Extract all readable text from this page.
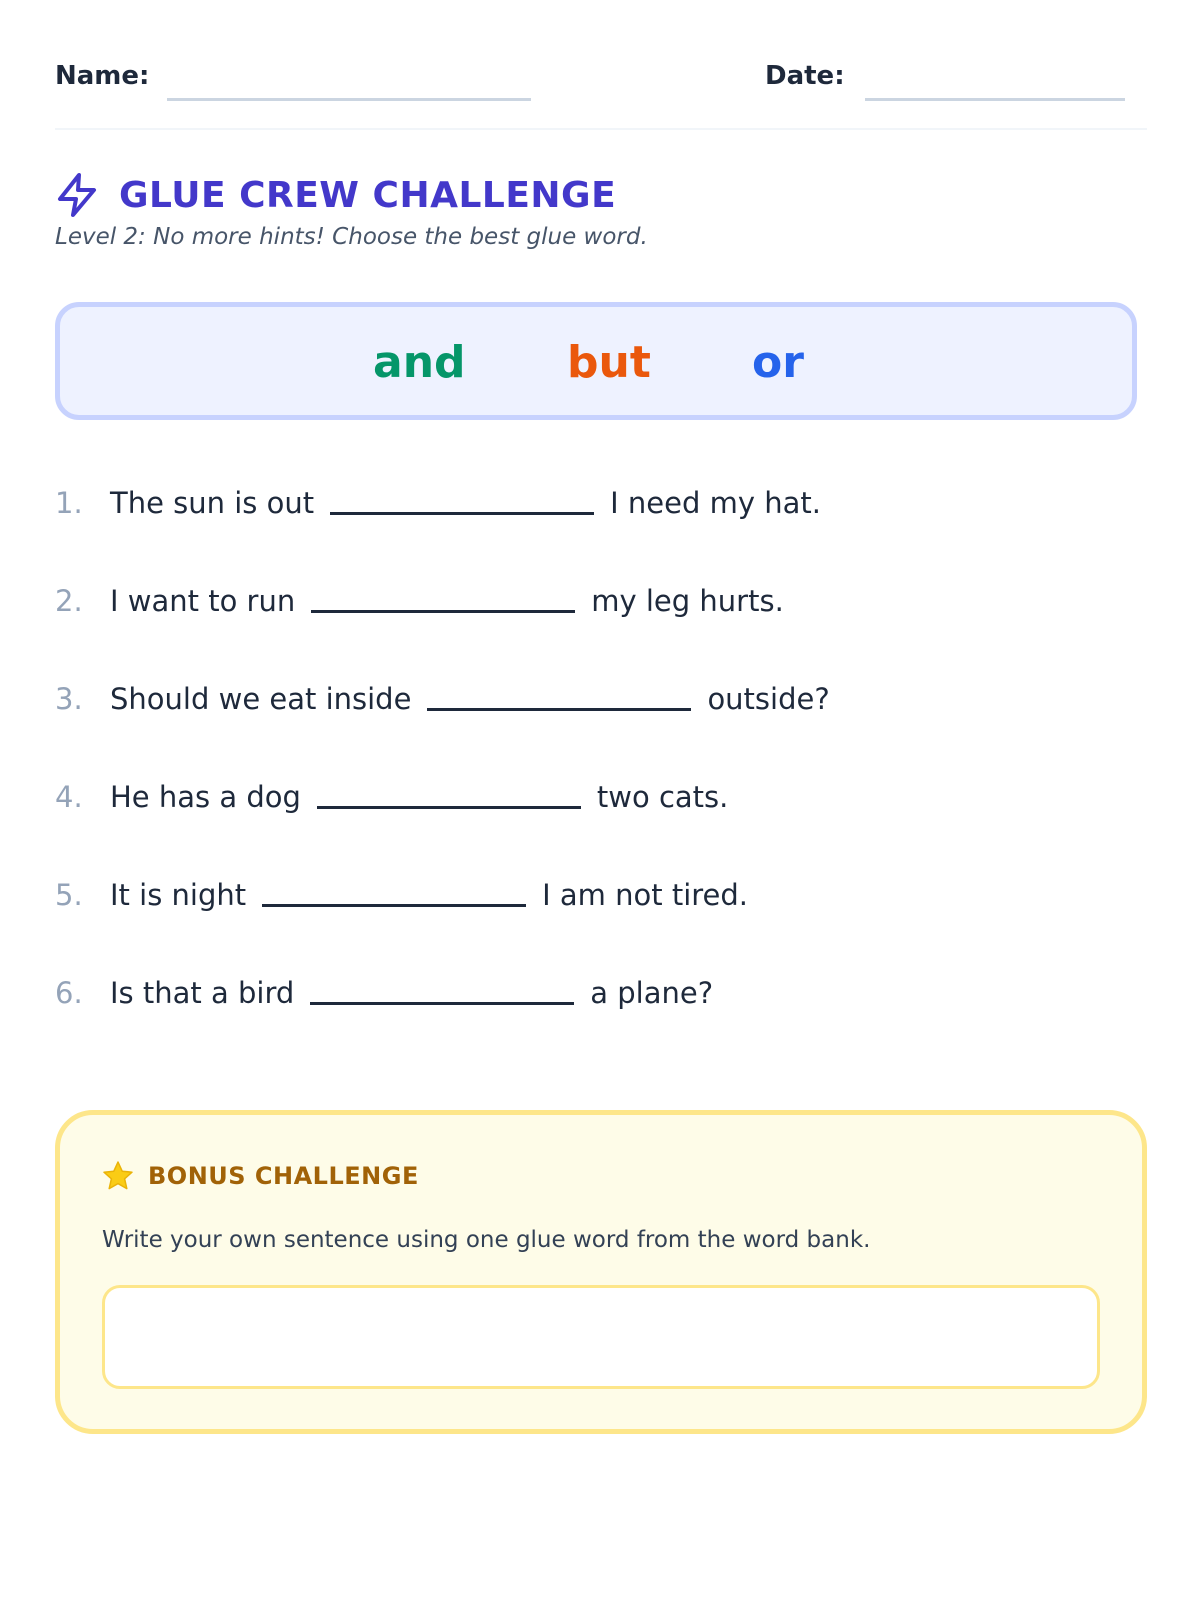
Name:	Date:
GLUE CREW CHALLENGE
Level 2: No more hints! Choose the best glue word.
and but or
1. The sun is out	I need my hat.
2. I want to run	my leg hurts.
3. Should we eat inside	outside?
4. He has a dog	two cats.
5. It is night	I am not tired.
6. Is that a bird	a plane?
BONUS CHALLENGE
Write your own sentence using one glue word from the word bank.
